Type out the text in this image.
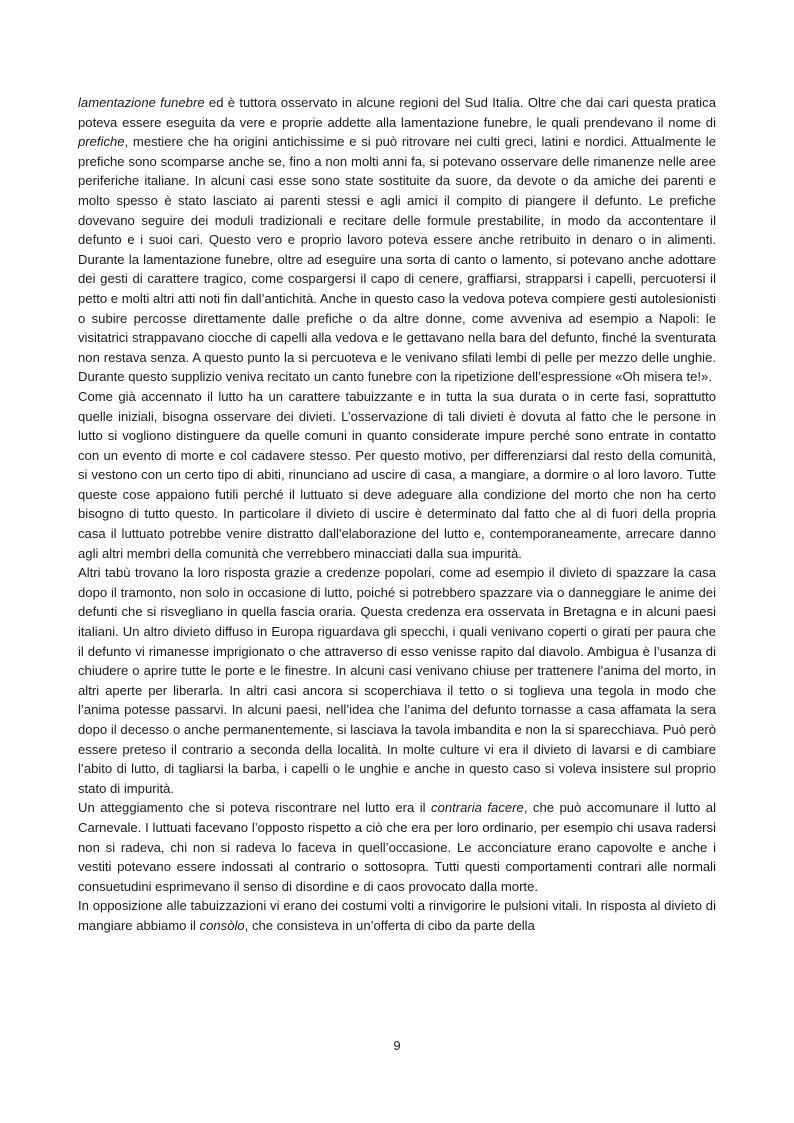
lamentazione funebre ed è tuttora osservato in alcune regioni del Sud Italia. Oltre che dai cari questa pratica poteva essere eseguita da vere e proprie addette alla lamentazione funebre, le quali prendevano il nome di prefiche, mestiere che ha origini antichissime e si può ritrovare nei culti greci, latini e nordici. Attualmente le prefiche sono scomparse anche se, fino a non molti anni fa, si potevano osservare delle rimanenze nelle aree periferiche italiane. In alcuni casi esse sono state sostituite da suore, da devote o da amiche dei parenti e molto spesso è stato lasciato ai parenti stessi e agli amici il compito di piangere il defunto. Le prefiche dovevano seguire dei moduli tradizionali e recitare delle formule prestabilite, in modo da accontentare il defunto e i suoi cari. Questo vero e proprio lavoro poteva essere anche retribuito in denaro o in alimenti. Durante la lamentazione funebre, oltre ad eseguire una sorta di canto o lamento, si potevano anche adottare dei gesti di carattere tragico, come cospargersi il capo di cenere, graffiarsi, strapparsi i capelli, percuotersi il petto e molti altri atti noti fin dall’antichità. Anche in questo caso la vedova poteva compiere gesti autolesionisti o subire percosse direttamente dalle prefiche o da altre donne, come avveniva ad esempio a Napoli: le visitatrici strappavano ciocche di capelli alla vedova e le gettavano nella bara del defunto, finché la sventurata non restava senza. A questo punto la si percuoteva e le venivano sfilati lembi di pelle per mezzo delle unghie. Durante questo supplizio veniva recitato un canto funebre con la ripetizione dell’espressione «Oh misera te!».

Come già accennato il lutto ha un carattere tabuizzante e in tutta la sua durata o in certe fasi, soprattutto quelle iniziali, bisogna osservare dei divieti. L’osservazione di tali divieti è dovuta al fatto che le persone in lutto si vogliono distinguere da quelle comuni in quanto considerate impure perché sono entrate in contatto con un evento di morte e col cadavere stesso. Per questo motivo, per differenziarsi dal resto della comunità, si vestono con un certo tipo di abiti, rinunciano ad uscire di casa, a mangiare, a dormire o al loro lavoro. Tutte queste cose appaiono futili perché il luttuato si deve adeguare alla condizione del morto che non ha certo bisogno di tutto questo. In particolare il divieto di uscire è determinato dal fatto che al di fuori della propria casa il luttuato potrebbe venire distratto dall'elaborazione del lutto e, contemporaneamente, arrecare danno agli altri membri della comunità che verrebbero minacciati dalla sua impurità.

Altri tabù trovano la loro risposta grazie a credenze popolari, come ad esempio il divieto di spazzare la casa dopo il tramonto, non solo in occasione di lutto, poiché si potrebbero spazzare via o danneggiare le anime dei defunti che si risvegliano in quella fascia oraria. Questa credenza era osservata in Bretagna e in alcuni paesi italiani. Un altro divieto diffuso in Europa riguardava gli specchi, i quali venivano coperti o girati per paura che il defunto vi rimanesse imprigionato o che attraverso di esso venisse rapito dal diavolo. Ambigua è l’usanza di chiudere o aprire tutte le porte e le finestre. In alcuni casi venivano chiuse per trattenere l’anima del morto, in altri aperte per liberarla. In altri casi ancora si scoperchiava il tetto o si toglieva una tegola in modo che l’anima potesse passarvi. In alcuni paesi, nell’idea che l’anima del defunto tornasse a casa affamata la sera dopo il decesso o anche permanentemente, si lasciava la tavola imbandita e non la si sparecchiava. Può però essere preteso il contrario a seconda della località. In molte culture vi era il divieto di lavarsi e di cambiare l’abito di lutto, di tagliarsi la barba, i capelli o le unghie e anche in questo caso si voleva insistere sul proprio stato di impurità.

Un atteggiamento che si poteva riscontrare nel lutto era il contraria facere, che può accomunare il lutto al Carnevale. I luttuati facevano l’opposto rispetto a ciò che era per loro ordinario, per esempio chi usava radersi non si radeva, chi non si radeva lo faceva in quell’occasione. Le acconciature erano capovolte e anche i vestiti potevano essere indossati al contrario o sottosopra. Tutti questi comportamenti contrari alle normali consuetudini esprimevano il senso di disordine e di caos provocato dalla morte.

In opposizione alle tabuizzazioni vi erano dei costumi volti a rinvigorire le pulsioni vitali. In risposta al divieto di mangiare abbiamo il consòlo, che consisteva in un’offerta di cibo da parte della

9
